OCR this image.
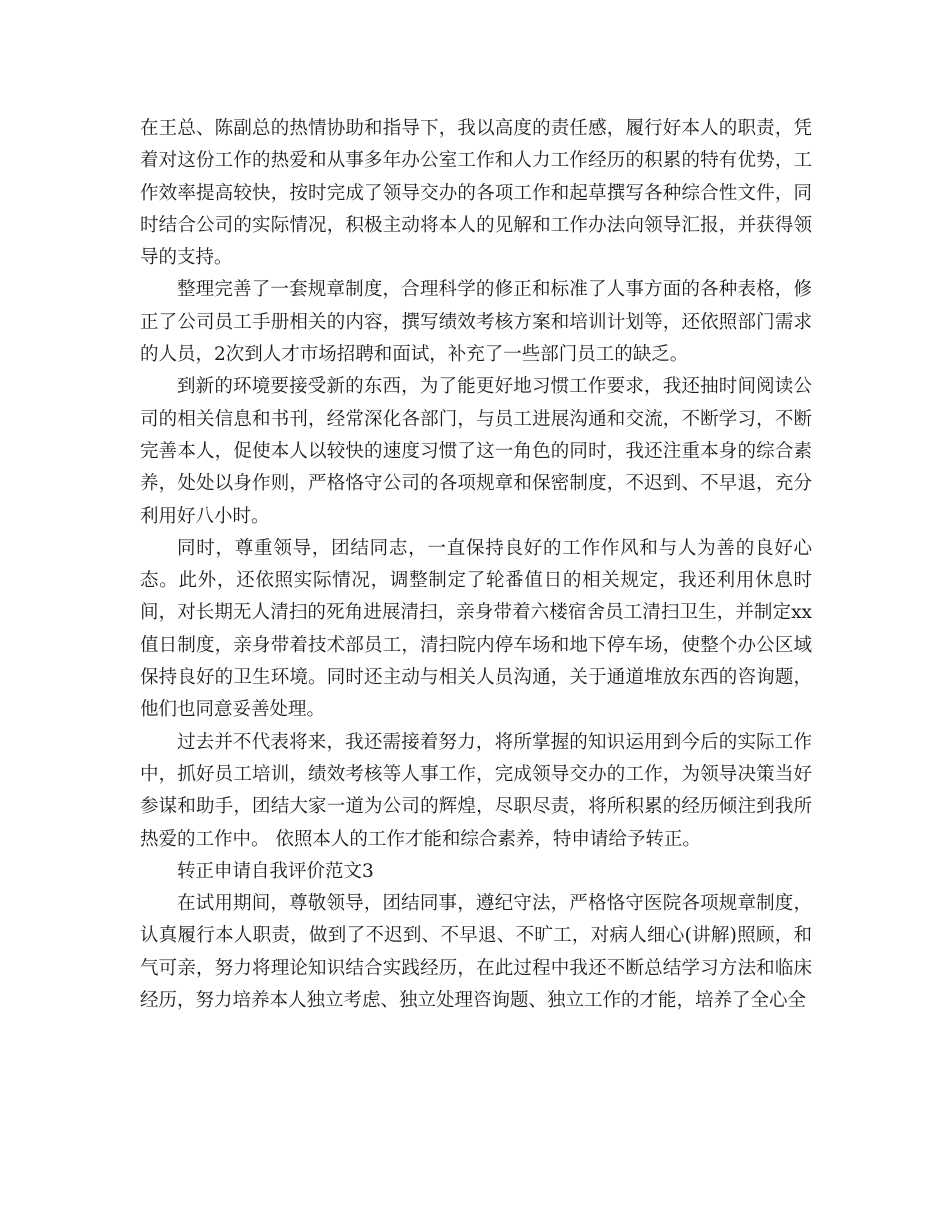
在王总、陈副总的热情协助和指导下，我以高度的责任感，履行好本人的职责，凭着对这份工作的热爱和从事多年办公室工作和人力工作经历的积累的特有优势，工作效率提高较快，按时完成了领导交办的各项工作和起草撰写各种综合性文件，同时结合公司的实际情况，积极主动将本人的见解和工作办法向领导汇报，并获得领导的支持。

整理完善了一套规章制度，合理科学的修正和标准了人事方面的各种表格，修正了公司员工手册相关的内容，撰写绩效考核方案和培训计划等，还依照部门需求的人员，2次到人才市场招聘和面试，补充了一些部门员工的缺乏。

到新的环境要接受新的东西，为了能更好地习惯工作要求，我还抽时间阅读公司的相关信息和书刊，经常深化各部门，与员工进展沟通和交流，不断学习，不断完善本人，促使本人以较快的速度习惯了这一角色的同时，我还注重本身的综合素养，处处以身作则，严格恪守公司的各项规章和保密制度，不迟到、不早退，充分利用好八小时。

同时，尊重领导，团结同志，一直保持良好的工作作风和与人为善的良好心态。此外，还依照实际情况，调整制定了轮番值日的相关规定，我还利用休息时间，对长期无人清扫的死角进展清扫，亲身带着六楼宿舍员工清扫卫生，并制定xx值日制度，亲身带着技术部员工，清扫院内停车场和地下停车场，使整个办公区域保持良好的卫生环境。同时还主动与相关人员沟通，关于通道堆放东西的咨询题，他们也同意妥善处理。

过去并不代表将来，我还需接着努力，将所掌握的知识运用到今后的实际工作中，抓好员工培训，绩效考核等人事工作，完成领导交办的工作，为领导决策当好参谋和助手，团结大家一道为公司的辉煌，尽职尽责，将所积累的经历倾注到我所热爱的工作中。 依照本人的工作才能和综合素养，特申请给予转正。

转正申请自我评价范文3

在试用期间，尊敬领导，团结同事，遵纪守法，严格恪守医院各项规章制度，认真履行本人职责，做到了不迟到、不早退、不旷工，对病人细心(讲解)照顾，和气可亲，努力将理论知识结合实践经历，在此过程中我还不断总结学习方法和临床经历，努力培养本人独立考虑、独立处理咨询题、独立工作的才能，培养了全心全
